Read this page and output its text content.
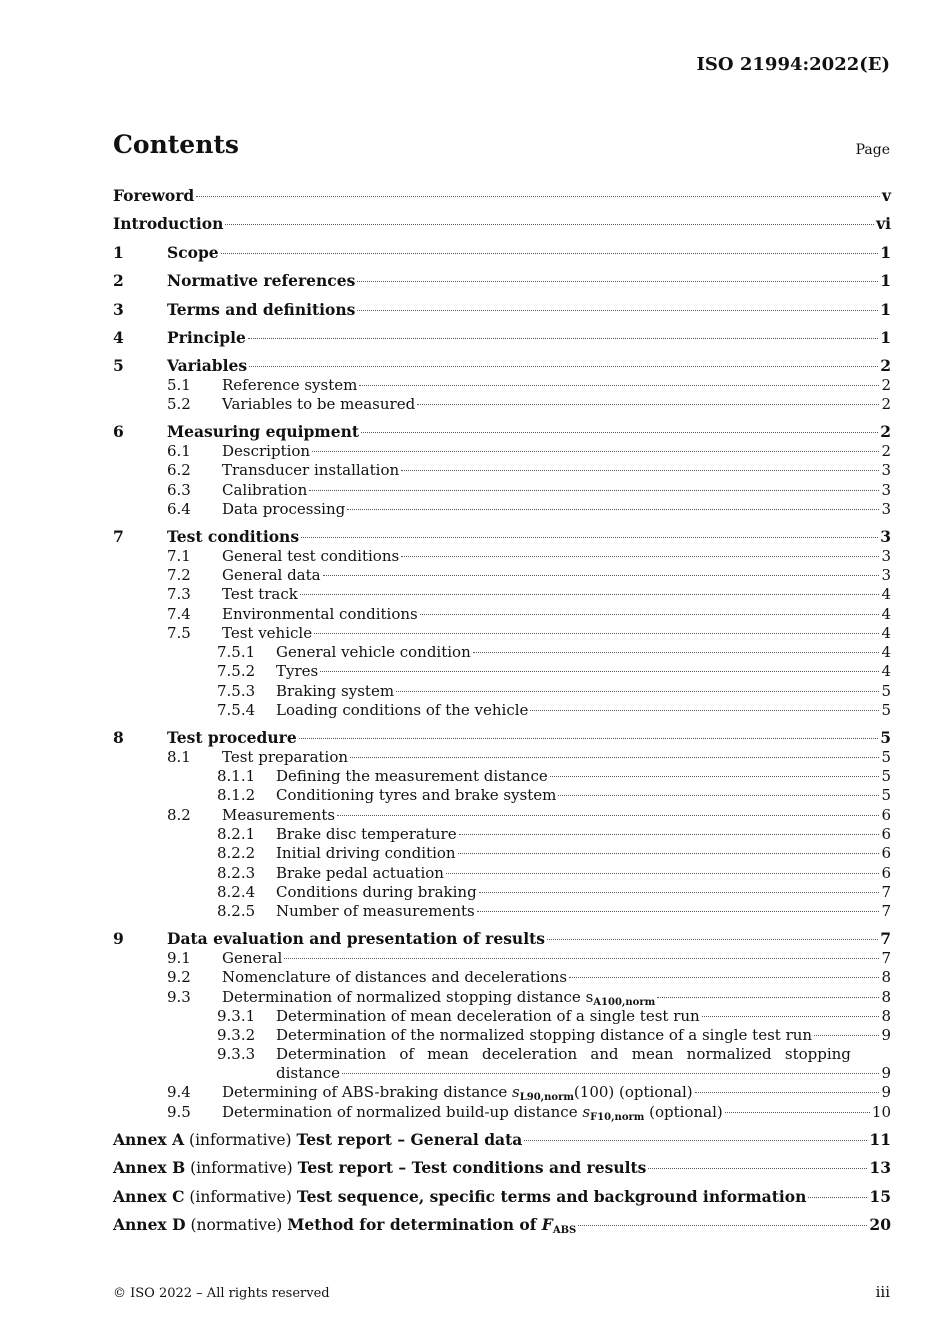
ISO 21994:2022(E)
Contents	Page
Foreword	v
Introduction	vi
1	Scope	1
2	Normative references	1
3	Terms and definitions	1
4	Principle	1
5	Variables	2
5.1	Reference system	2
5.2	Variables to be measured	2
6	Measuring equipment	2
6.1	Description	2
6.2	Transducer installation	3
6.3	Calibration	3
6.4	Data processing	3
7	Test conditions	3
7.1	General test conditions	3
7.2	General data	3
7.3	Test track	4
7.4	Environmental conditions	4
7.5	Test vehicle	4
7.5.1	General vehicle condition	4
7.5.2	Tyres	4
7.5.3	Braking system	5
7.5.4	Loading conditions of the vehicle	5
8	Test procedure	5
8.1	Test preparation	5
8.1.1	Defining the measurement distance	5
8.1.2	Conditioning tyres and brake system	5
8.2	Measurements	6
8.2.1	Brake disc temperature	6
8.2.2	Initial driving condition	6
8.2.3	Brake pedal actuation	6
8.2.4	Conditions during braking	7
8.2.5	Number of measurements	7
9	Data evaluation and presentation of results	7
9.1	General	7
9.2	Nomenclature of distances and decelerations	8
9.3	Determination of normalized stopping distance $s_{A100,norm}$	8
9.3.1	Determination of mean deceleration of a single test run	8
9.3.2	Determination of the normalized stopping distance of a single test run	9
9.3.3	Determination of mean deceleration and mean normalized stopping
distance	9
9.4	Determining of ABS-braking distance $s_{L90,norm}(100)$ (optional)	9
9.5	Determination of normalized build-up distance $s_{F10,norm}$ (optional)	10
Annex A (informative) Test report – General data	11
Annex B (informative) Test report – Test conditions and results	13
Annex C (informative) Test sequence, specific terms and background information	15
Annex D (normative) Method for determination of $F_{ABS}$	20
© ISO 2022 – All rights reserved	iii
